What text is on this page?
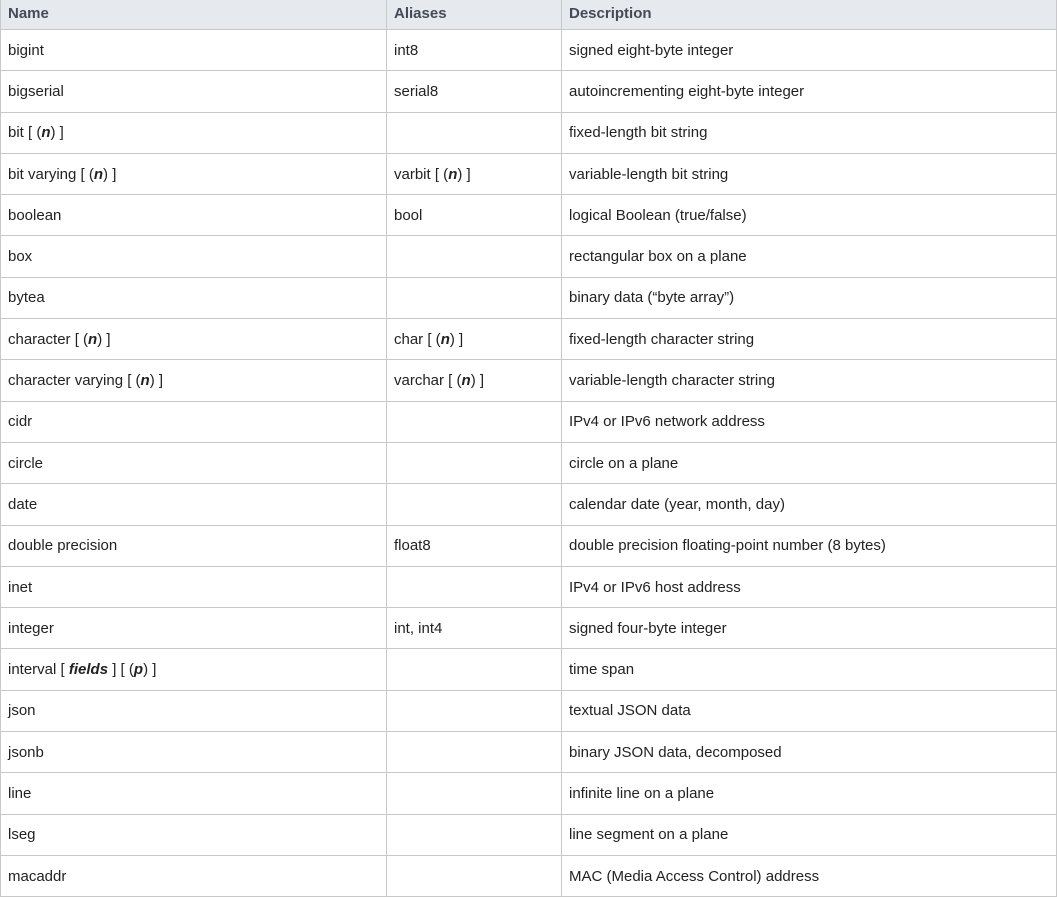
Name	Aliases	Description
bigint	int8	signed eight-byte integer
bigserial	serial8	autoincrementing eight-byte integer
bit [ (n) ]		fixed-length bit string
bit varying [ (n) ]	varbit [ (n) ]	variable-length bit string
boolean	bool	logical Boolean (true/false)
box		rectangular box on a plane
bytea		binary data (“byte array”)
character [ (n) ]	char [ (n) ]	fixed-length character string
character varying [ (n) ]	varchar [ (n) ]	variable-length character string
cidr		IPv4 or IPv6 network address
circle		circle on a plane
date		calendar date (year, month, day)
double precision	float8	double precision floating-point number (8 bytes)
inet		IPv4 or IPv6 host address
integer	int, int4	signed four-byte integer
interval [ fields ] [ (p) ]		time span
json		textual JSON data
jsonb		binary JSON data, decomposed
line		infinite line on a plane
lseg		line segment on a plane
macaddr		MAC (Media Access Control) address
